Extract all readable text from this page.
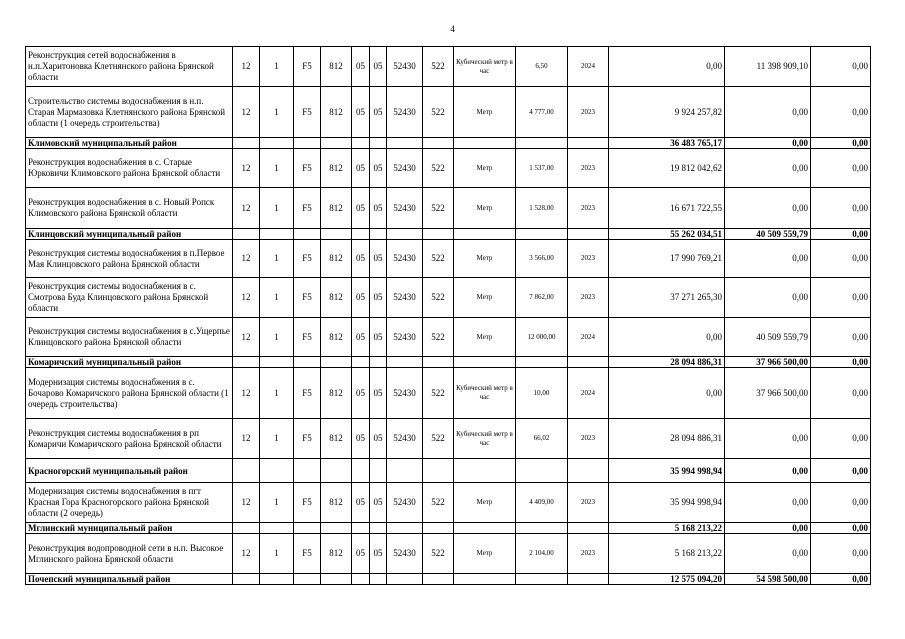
4
Реконструкция сетей водоснабжения в н.п.Харитоновка Клетнянского района Брянской области	12	1	F5	812	05	05	52430	522	Кубический метр в час	6,50	2024	0,00	11 398 909,10	0,00
Строительство системы водоснабжения в н.п. Старая Мармазовка Клетнянского района Брянской области (1 очередь строительства)	12	1	F5	812	05	05	52430	522	Метр	4 777,00	2023	9 924 257,82	0,00	0,00
Климовский муниципальный район												36 483 765,17	0,00	0,00
Реконструкция водоснабжения в с. Старые Юрковичи Климовского района Брянской области	12	1	F5	812	05	05	52430	522	Метр	1 537,00	2023	19 812 042,62	0,00	0,00
Реконструкция водоснабжения в с. Новый Ропск Климовского района Брянской области	12	1	F5	812	05	05	52430	522	Метр	1 528,00	2023	16 671 722,55	0,00	0,00
Клинцовский муниципальный район												55 262 034,51	40 509 559,79	0,00
Реконструкция системы водоснабжения в п.Первое Мая Клинцовского района Брянской области	12	1	F5	812	05	05	52430	522	Метр	3 566,00	2023	17 990 769,21	0,00	0,00
Реконструкция системы водоснабжения в с. Смотрова Буда Клинцовского района Брянской области	12	1	F5	812	05	05	52430	522	Метр	7 862,00	2023	37 271 265,30	0,00	0,00
Реконструкция системы водоснабжения в с.Ущерпье Клинцовского района Брянской области	12	1	F5	812	05	05	52430	522	Метр	12 000,00	2024	0,00	40 509 559,79	0,00
Комаричский муниципальный район												28 094 886,31	37 966 500,00	0,00
Модернизация системы водоснабжения в с. Бочарово Комаричского района Брянской области (1 очередь строительства)	12	1	F5	812	05	05	52430	522	Кубический метр в час	10,00	2024	0,00	37 966 500,00	0,00
Реконструкция системы водоснабжения в рп Комаричи Комаричского района Брянской области	12	1	F5	812	05	05	52430	522	Кубический метр в час	66,02	2023	28 094 886,31	0,00	0,00
Красногорский муниципальный район												35 994 998,94	0,00	0,00
Модернизация системы водоснабжения в пгт Красная Гора Красногорского района Брянской области (2 очередь)	12	1	F5	812	05	05	52430	522	Метр	4 409,00	2023	35 994 998,94	0,00	0,00
Мглинский муниципальный район												5 168 213,22	0,00	0,00
Реконструкция водопроводной сети в н.п. Высокое Мглинского района Брянской области	12	1	F5	812	05	05	52430	522	Метр	2 104,00	2023	5 168 213,22	0,00	0,00
Почепский муниципальный район												12 575 094,20	54 598 500,00	0,00
